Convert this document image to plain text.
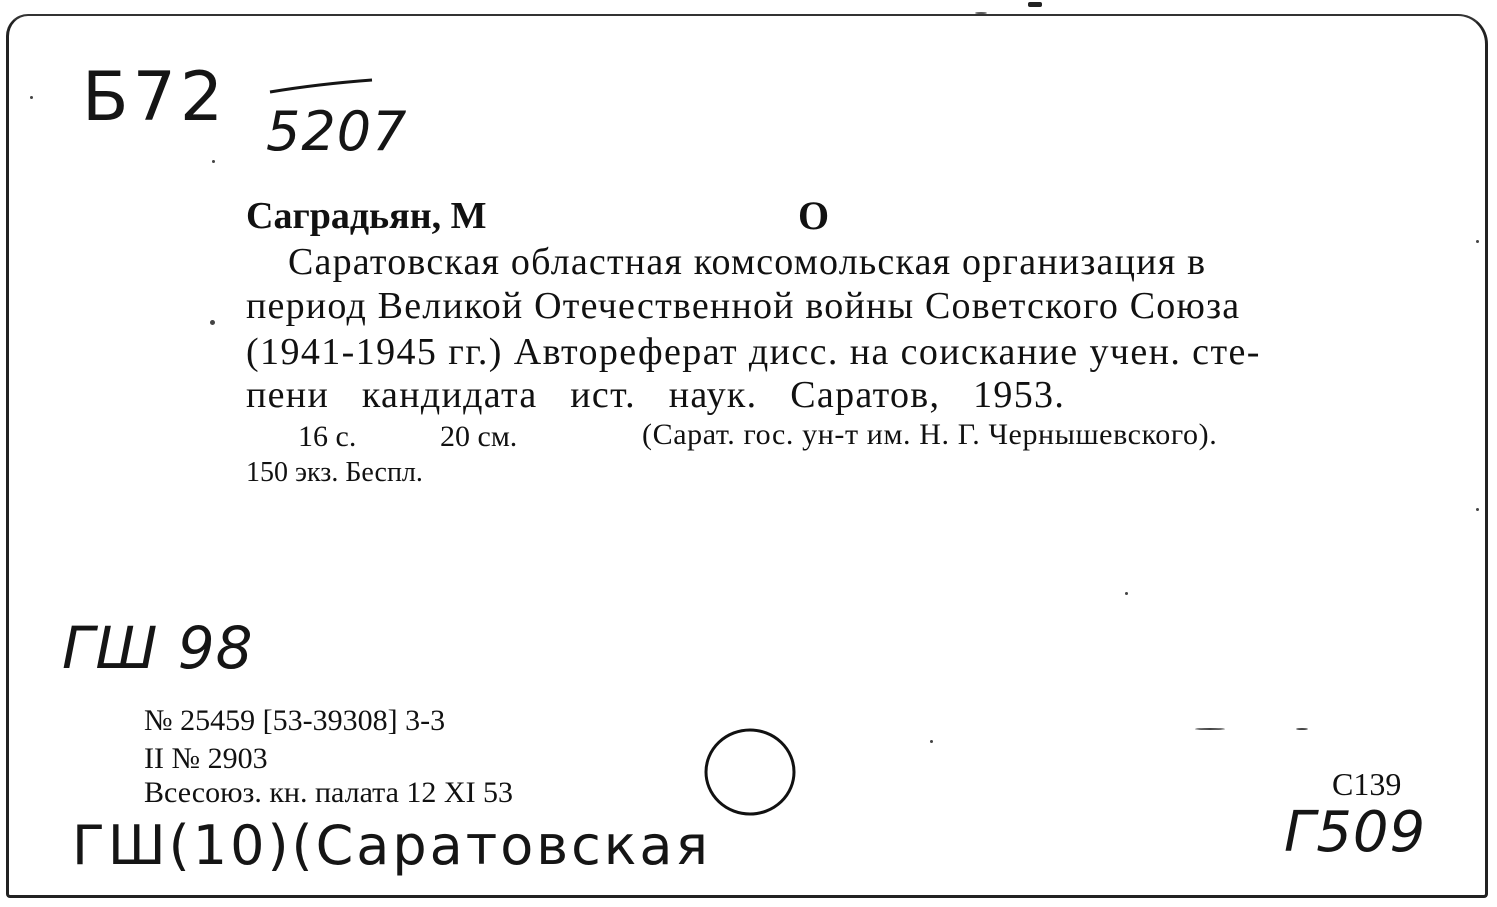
Б72 5207
Саградьян, М	О
Саратовская областная комсомольская организация в
период Великой Отечественной войны Советского Союза
(1941-1945 гг.) Автореферат дисс. на соискание учен. сте-
пени кандидата ист. наук. Саратов, 1953.
16 с.	20 см.	(Сарат. гос. ун-т им. Н. Г. Чернышевского).
150 экз. Беспл.
ГШ 98
№ 25459 [53-39308] 3-3
II № 2903
Всесоюз. кн. палата 12 XI 53	С139
Г509
ГШ(10)(Саратовская
